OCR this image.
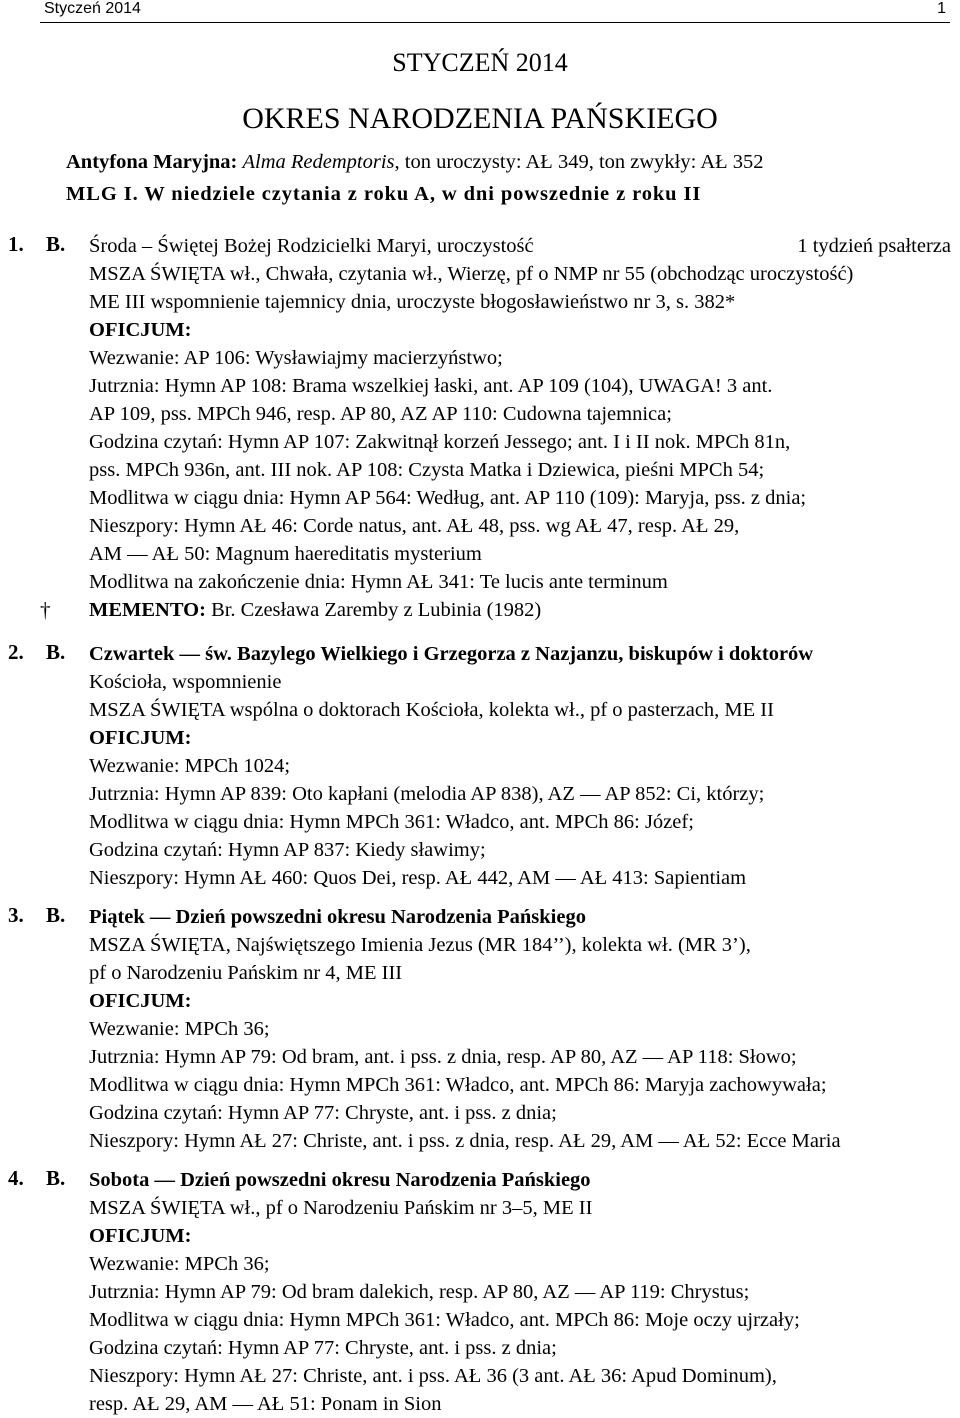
Styczeń 2014	1
STYCZEŃ 2014
OKRES NARODZENIA PAŃSKIEGO
Antyfona Maryjna: Alma Redemptoris, ton uroczysty: AŁ 349, ton zwykły: AŁ 352
MLG I. W niedziele czytania z roku A, w dni powszednie z roku II
1. B. Środa – Świętej Bożej Rodzicielki Maryi, uroczystość	1 tydzień psałterza
MSZA ŚWIĘTA wł., Chwała, czytania wł., Wierzę, pf o NMP nr 55 (obchodząc uroczystość)
ME III wspomnienie tajemnicy dnia, uroczyste błogosławieństwo nr 3, s. 382*
OFICJUM:
Wezwanie: AP 106: Wysławiajmy macierzyństwo;
Jutrznia: Hymn AP 108: Brama wszelkiej łaski, ant. AP 109 (104), UWAGA! 3 ant.
AP 109, pss. MPCh 946, resp. AP 80, AZ AP 110: Cudowna tajemnica;
Godzina czytań: Hymn AP 107: Zakwitnął korzeń Jessego; ant. I i II nok. MPCh 81n,
pss. MPCh 936n, ant. III nok. AP 108: Czysta Matka i Dziewica, pieśni MPCh 54;
Modlitwa w ciągu dnia: Hymn AP 564: Według, ant. AP 110 (109): Maryja, pss. z dnia;
Nieszpory: Hymn AŁ 46: Corde natus, ant. AŁ 48, pss. wg AŁ 47, resp. AŁ 29,
AM — AŁ 50: Magnum haereditatis mysterium
Modlitwa na zakończenie dnia: Hymn AŁ 341: Te lucis ante terminum
MEMENTO: Br. Czesława Zaremby z Lubinia (1982)
†
2. B. Czwartek — św. Bazylego Wielkiego i Grzegorza z Nazjanzu, biskupów i doktorów
Kościoła, wspomnienie
MSZA ŚWIĘTA wspólna o doktorach Kościoła, kolekta wł., pf o pasterzach, ME II
OFICJUM:
Wezwanie: MPCh 1024;
Jutrznia: Hymn AP 839: Oto kapłani (melodia AP 838), AZ — AP 852: Ci, którzy;
Modlitwa w ciągu dnia: Hymn MPCh 361: Władco, ant. MPCh 86: Józef;
Godzina czytań: Hymn AP 837: Kiedy sławimy;
Nieszpory: Hymn AŁ 460: Quos Dei, resp. AŁ 442, AM — AŁ 413: Sapientiam
3. B. Piątek — Dzień powszedni okresu Narodzenia Pańskiego
MSZA ŚWIĘTA, Najświętszego Imienia Jezus (MR 184’’), kolekta wł. (MR 3’),
pf o Narodzeniu Pańskim nr 4, ME III
OFICJUM:
Wezwanie: MPCh 36;
Jutrznia: Hymn AP 79: Od bram, ant. i pss. z dnia, resp. AP 80, AZ — AP 118: Słowo;
Modlitwa w ciągu dnia: Hymn MPCh 361: Władco, ant. MPCh 86: Maryja zachowywała;
Godzina czytań: Hymn AP 77: Chryste, ant. i pss. z dnia;
Nieszpory: Hymn AŁ 27: Christe, ant. i pss. z dnia, resp. AŁ 29, AM — AŁ 52: Ecce Maria
4. B. Sobota — Dzień powszedni okresu Narodzenia Pańskiego
MSZA ŚWIĘTA wł., pf o Narodzeniu Pańskim nr 3–5, ME II
OFICJUM:
Wezwanie: MPCh 36;
Jutrznia: Hymn AP 79: Od bram dalekich, resp. AP 80, AZ — AP 119: Chrystus;
Modlitwa w ciągu dnia: Hymn MPCh 361: Władco, ant. MPCh 86: Moje oczy ujrzały;
Godzina czytań: Hymn AP 77: Chryste, ant. i pss. z dnia;
Nieszpory: Hymn AŁ 27: Christe, ant. i pss. AŁ 36 (3 ant. AŁ 36: Apud Dominum),
resp. AŁ 29, AM — AŁ 51: Ponam in Sion
